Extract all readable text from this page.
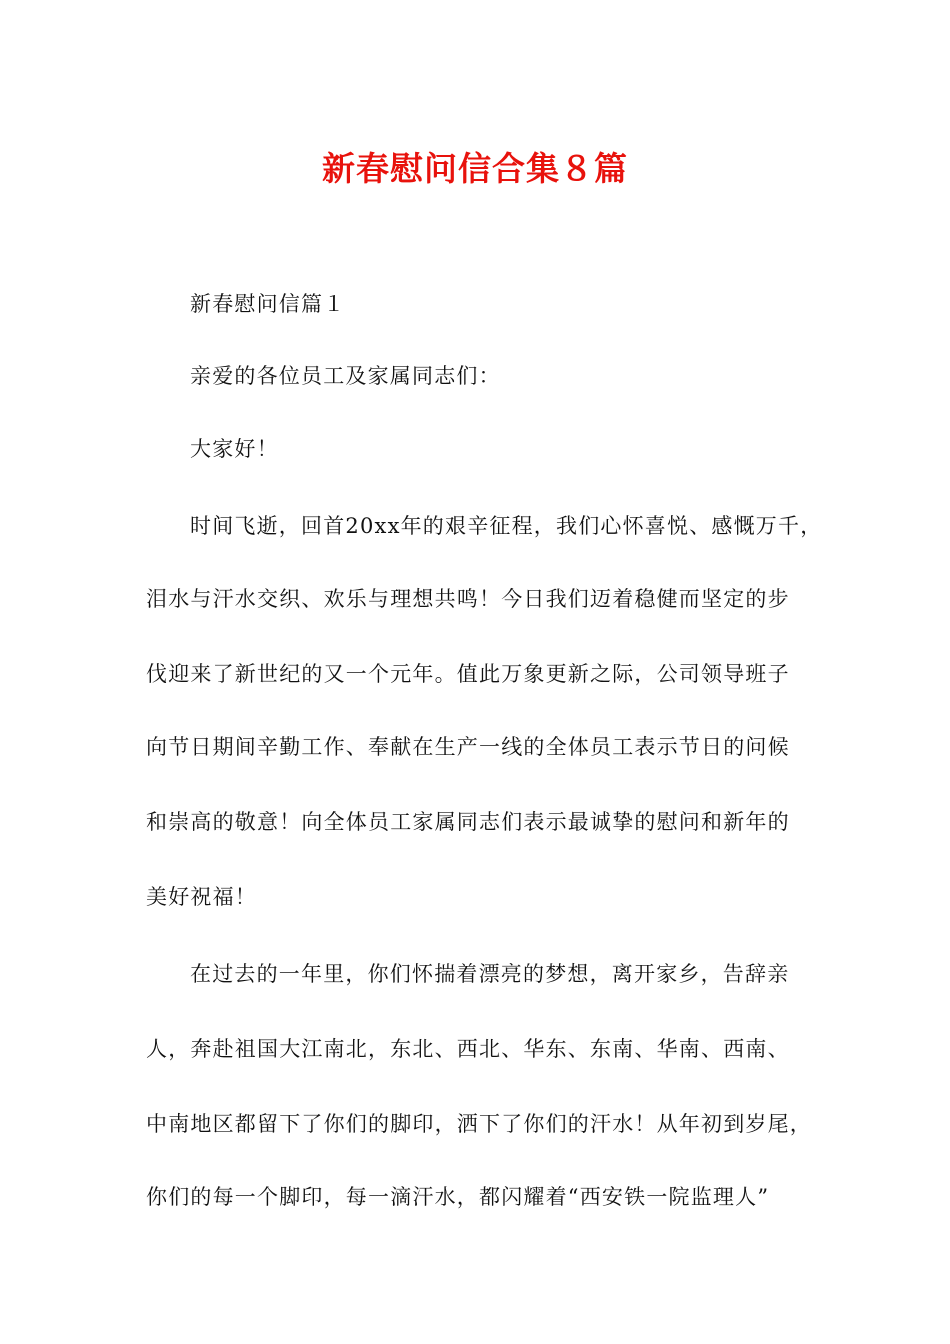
新春慰问信合集８篇
新春慰问信篇１
亲爱的各位员工及家属同志们：
大家好！
时间飞逝，回首20xx年的艰辛征程，我们心怀喜悦、感慨万千，
泪水与汗水交织、欢乐与理想共鸣！今日我们迈着稳健而坚定的步
伐迎来了新世纪的又一个元年。值此万象更新之际，公司领导班子
向节日期间辛勤工作、奉献在生产一线的全体员工表示节日的问候
和崇高的敬意！向全体员工家属同志们表示最诚挚的慰问和新年的
美好祝福！
在过去的一年里，你们怀揣着漂亮的梦想，离开家乡，告辞亲
人，奔赴祖国大江南北，东北、西北、华东、东南、华南、西南、
中南地区都留下了你们的脚印，洒下了你们的汗水！从年初到岁尾，
你们的每一个脚印，每一滴汗水，都闪耀着“西安铁一院监理人”
